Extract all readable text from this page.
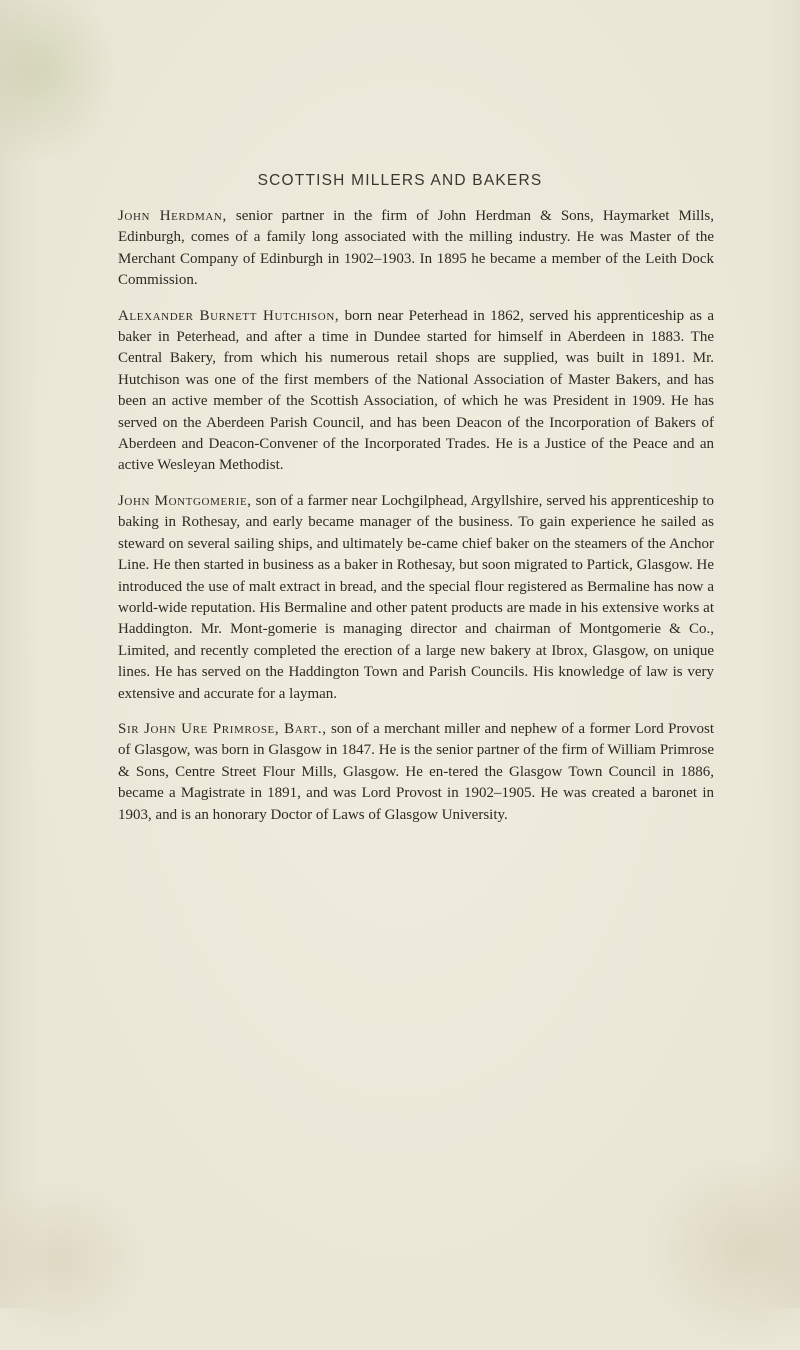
SCOTTISH MILLERS AND BAKERS

John Herdman, senior partner in the firm of John Herdman & Sons, Haymarket Mills, Edinburgh, comes of a family long associated with the milling industry. He was Master of the Merchant Company of Edinburgh in 1902–1903. In 1895 he became a member of the Leith Dock Commission.

Alexander Burnett Hutchison, born near Peterhead in 1862, served his apprenticeship as a baker in Peterhead, and after a time in Dundee started for himself in Aberdeen in 1883. The Central Bakery, from which his numerous retail shops are supplied, was built in 1891. Mr. Hutchison was one of the first members of the National Association of Master Bakers, and has been an active member of the Scottish Association, of which he was President in 1909. He has served on the Aberdeen Parish Council, and has been Deacon of the Incorporation of Bakers of Aberdeen and Deacon-Convener of the Incorporated Trades. He is a Justice of the Peace and an active Wesleyan Methodist.

John Montgomerie, son of a farmer near Lochgilphead, Argyllshire, served his apprenticeship to baking in Rothesay, and early became manager of the business. To gain experience he sailed as steward on several sailing ships, and ultimately be-came chief baker on the steamers of the Anchor Line. He then started in business as a baker in Rothesay, but soon migrated to Partick, Glasgow. He introduced the use of malt extract in bread, and the special flour registered as Bermaline has now a world-wide reputation. His Bermaline and other patent products are made in his extensive works at Haddington. Mr. Mont-gomerie is managing director and chairman of Montgomerie & Co., Limited, and recently completed the erection of a large new bakery at Ibrox, Glasgow, on unique lines. He has served on the Haddington Town and Parish Councils. His knowledge of law is very extensive and accurate for a layman.

Sir John Ure Primrose, Bart., son of a merchant miller and nephew of a former Lord Provost of Glasgow, was born in Glasgow in 1847. He is the senior partner of the firm of William Primrose & Sons, Centre Street Flour Mills, Glasgow. He en-tered the Glasgow Town Council in 1886, became a Magistrate in 1891, and was Lord Provost in 1902–1905. He was created a baronet in 1903, and is an honorary Doctor of Laws of Glasgow University.
